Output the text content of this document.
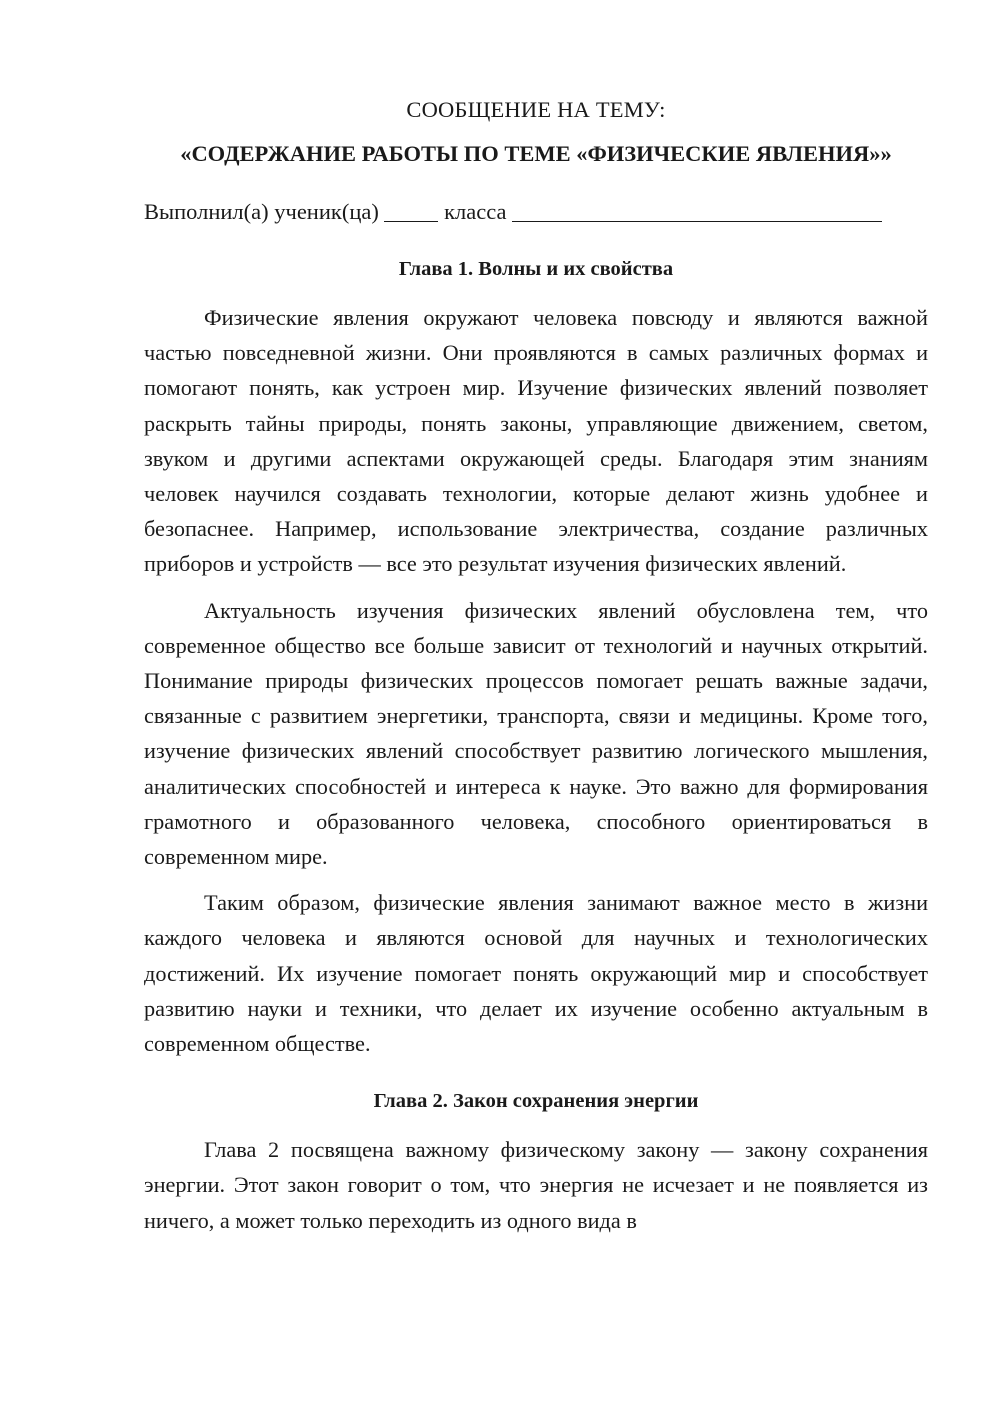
СООБЩЕНИЕ НА ТЕМУ:
«СОДЕРЖАНИЕ РАБОТЫ ПО ТЕМЕ «ФИЗИЧЕСКИЕ ЯВЛЕНИЯ»»
Выполнил(а) ученик(ца)	класса
Глава 1. Волны и их свойства

Физические явления окружают человека повсюду и являются важной частью повседневной жизни. Они проявляются в самых различных формах и помогают понять, как устроен мир. Изучение физических явлений позволяет раскрыть тайны природы, понять законы, управляющие движением, светом, звуком и другими аспектами окружающей среды. Благодаря этим знаниям человек научился создавать технологии, которые делают жизнь удобнее и безопаснее. Например, использование электричества, создание различных приборов и устройств — все это результат изучения физических явлений.

Актуальность изучения физических явлений обусловлена тем, что современное общество все больше зависит от технологий и научных открытий. Понимание природы физических процессов помогает решать важные задачи, связанные с развитием энергетики, транспорта, связи и медицины. Кроме того, изучение физических явлений способствует развитию логического мышления, аналитических способностей и интереса к науке. Это важно для формирования грамотного и образованного человека, способного ориентироваться в современном мире.

Таким образом, физические явления занимают важное место в жизни каждого человека и являются основой для научных и технологических достижений. Их изучение помогает понять окружающий мир и способствует развитию науки и техники, что делает их изучение особенно актуальным в современном обществе.

Глава 2. Закон сохранения энергии

Глава 2 посвящена важному физическому закону — закону сохранения энергии. Этот закон говорит о том, что энергия не исчезает и не появляется из ничего, а может только переходить из одного вида в
